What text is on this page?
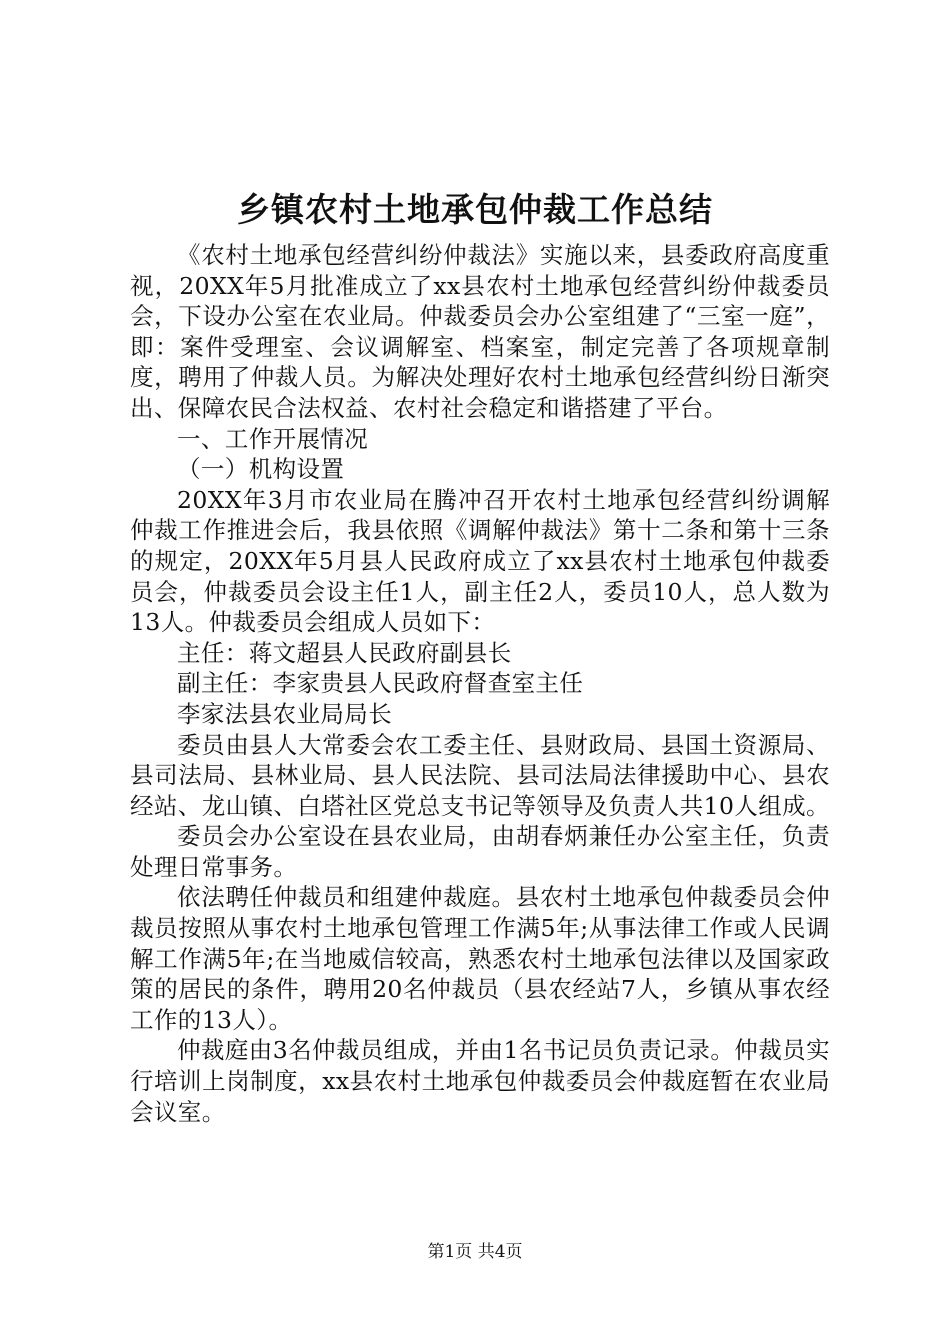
乡镇农村土地承包仲裁工作总结

《农村土地承包经营纠纷仲裁法》实施以来，县委政府高度重视，20XX年5月批准成立了xx县农村土地承包经营纠纷仲裁委员会，下设办公室在农业局。仲裁委员会办公室组建了“三室一庭”，即：案件受理室、会议调解室、档案室，制定完善了各项规章制度，聘用了仲裁人员。为解决处理好农村土地承包经营纠纷日渐突出、保障农民合法权益、农村社会稳定和谐搭建了平台。

一、工作开展情况

（一）机构设置

20XX年3月市农业局在腾冲召开农村土地承包经营纠纷调解仲裁工作推进会后，我县依照《调解仲裁法》第十二条和第十三条的规定，20XX年5月县人民政府成立了xx县农村土地承包仲裁委员会，仲裁委员会设主任1人，副主任2人，委员10人，总人数为13人。仲裁委员会组成人员如下：

主任：蒋文超县人民政府副县长

副主任：李家贵县人民政府督查室主任

李家法县农业局局长

委员由县人大常委会农工委主任、县财政局、县国土资源局、县司法局、县林业局、县人民法院、县司法局法律援助中心、县农经站、龙山镇、白塔社区党总支书记等领导及负责人共10人组成。

委员会办公室设在县农业局，由胡春炳兼任办公室主任，负责处理日常事务。

依法聘任仲裁员和组建仲裁庭。县农村土地承包仲裁委员会仲裁员按照从事农村土地承包管理工作满5年;从事法律工作或人民调解工作满5年;在当地威信较高，熟悉农村土地承包法律以及国家政策的居民的条件，聘用20名仲裁员（县农经站7人，乡镇从事农经工作的13人）。

仲裁庭由3名仲裁员组成，并由1名书记员负责记录。仲裁员实行培训上岗制度，xx县农村土地承包仲裁委员会仲裁庭暂在农业局会议室。

第1页 共4页
